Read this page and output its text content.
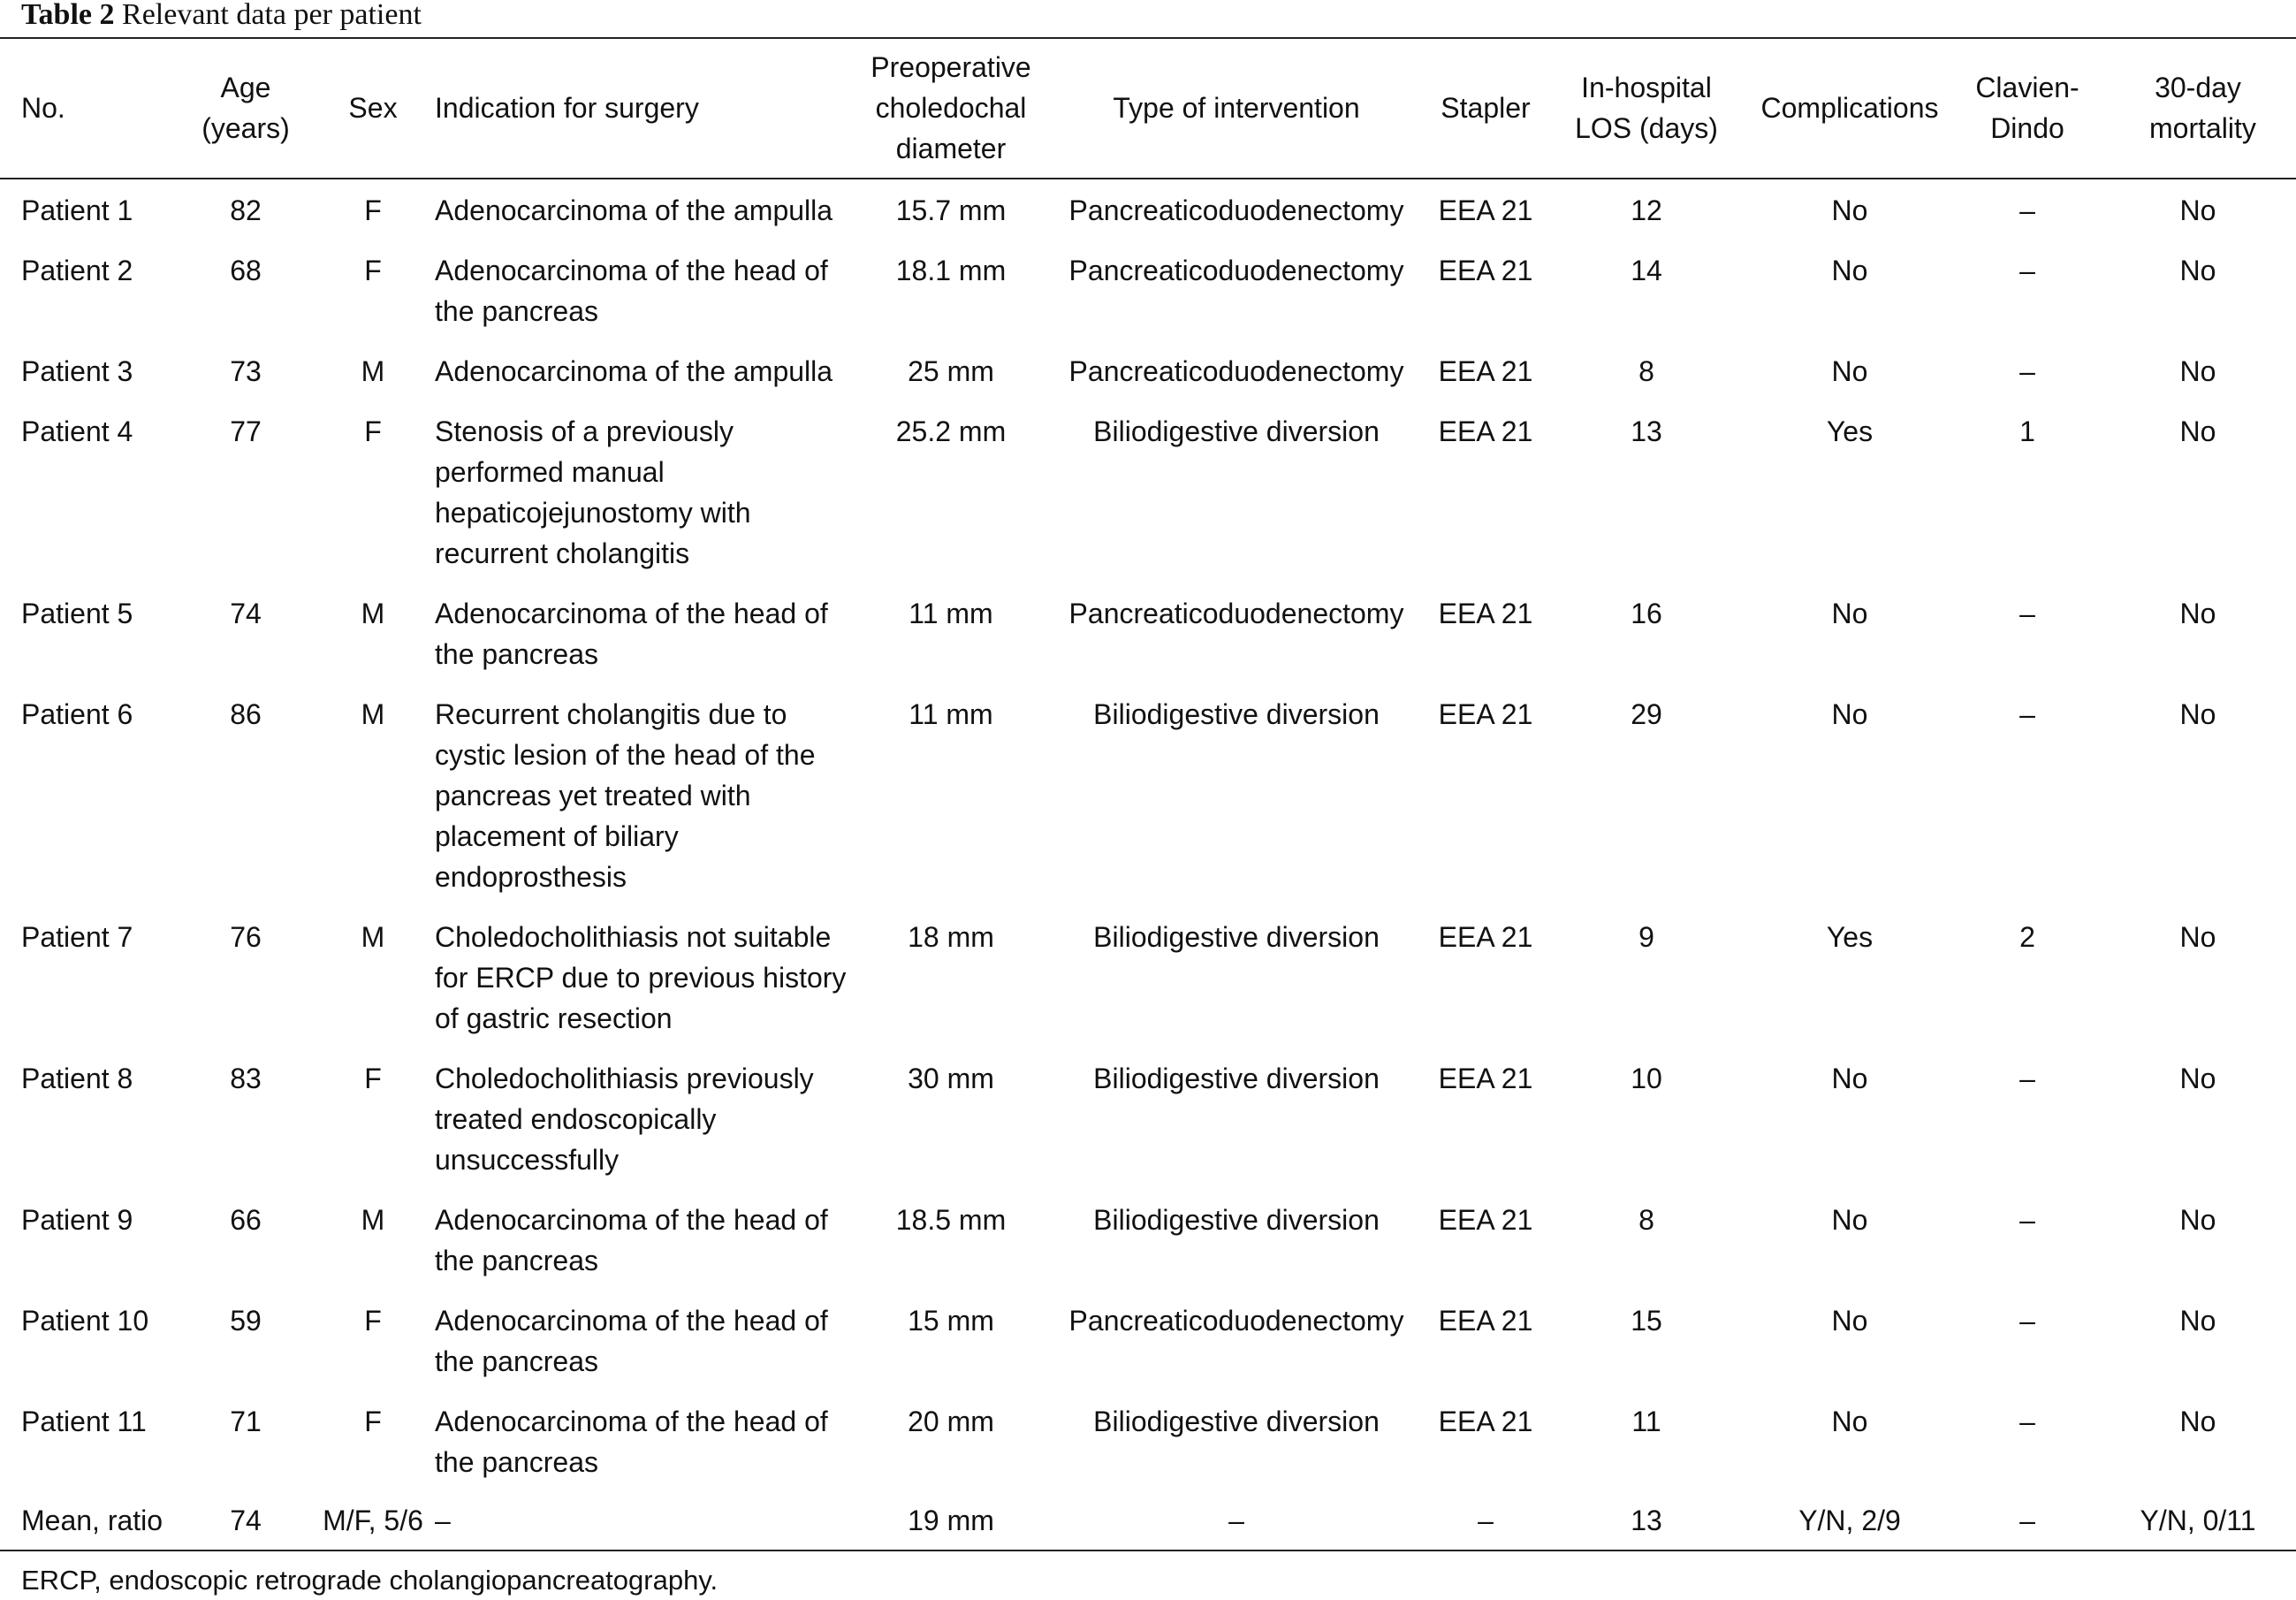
Table 2 Relevant data per patient
No.	Age (years)	Sex	Indication for surgery	Preoperative choledochal diameter	Type of intervention	Stapler	In-hospital LOS (days)	Complications	Clavien-Dindo	30-day mortality

Patient 1	82	F	Adenocarcinoma of the ampulla	15.7 mm	Pancreaticoduodenectomy	EEA 21	12	No	–	No
Patient 2	68	F	Adenocarcinoma of the head of the pancreas	18.1 mm	Pancreaticoduodenectomy	EEA 21	14	No	–	No
Patient 3	73	M	Adenocarcinoma of the ampulla	25 mm	Pancreaticoduodenectomy	EEA 21	8	No	–	No
Patient 4	77	F	Stenosis of a previously performed manual hepaticojejunostomy with recurrent cholangitis	25.2 mm	Biliodigestive diversion	EEA 21	13	Yes	1	No
Patient 5	74	M	Adenocarcinoma of the head of the pancreas	11 mm	Pancreaticoduodenectomy	EEA 21	16	No	–	No
Patient 6	86	M	Recurrent cholangitis due to cystic lesion of the head of the pancreas yet treated with placement of biliary endoprosthesis	11 mm	Biliodigestive diversion	EEA 21	29	No	–	No
Patient 7	76	M	Choledocholithiasis not suitable for ERCP due to previous history of gastric resection	18 mm	Biliodigestive diversion	EEA 21	9	Yes	2	No
Patient 8	83	F	Choledocholithiasis previously treated endoscopically unsuccessfully	30 mm	Biliodigestive diversion	EEA 21	10	No	–	No
Patient 9	66	M	Adenocarcinoma of the head of the pancreas	18.5 mm	Biliodigestive diversion	EEA 21	8	No	–	No
Patient 10	59	F	Adenocarcinoma of the head of the pancreas	15 mm	Pancreaticoduodenectomy	EEA 21	15	No	–	No
Patient 11	71	F	Adenocarcinoma of the head of the pancreas	20 mm	Biliodigestive diversion	EEA 21	11	No	–	No
Mean, ratio	74	M/F, 5/6	–	19 mm	–	–	13	Y/N, 2/9	–	Y/N, 0/11
ERCP, endoscopic retrograde cholangiopancreatography.
